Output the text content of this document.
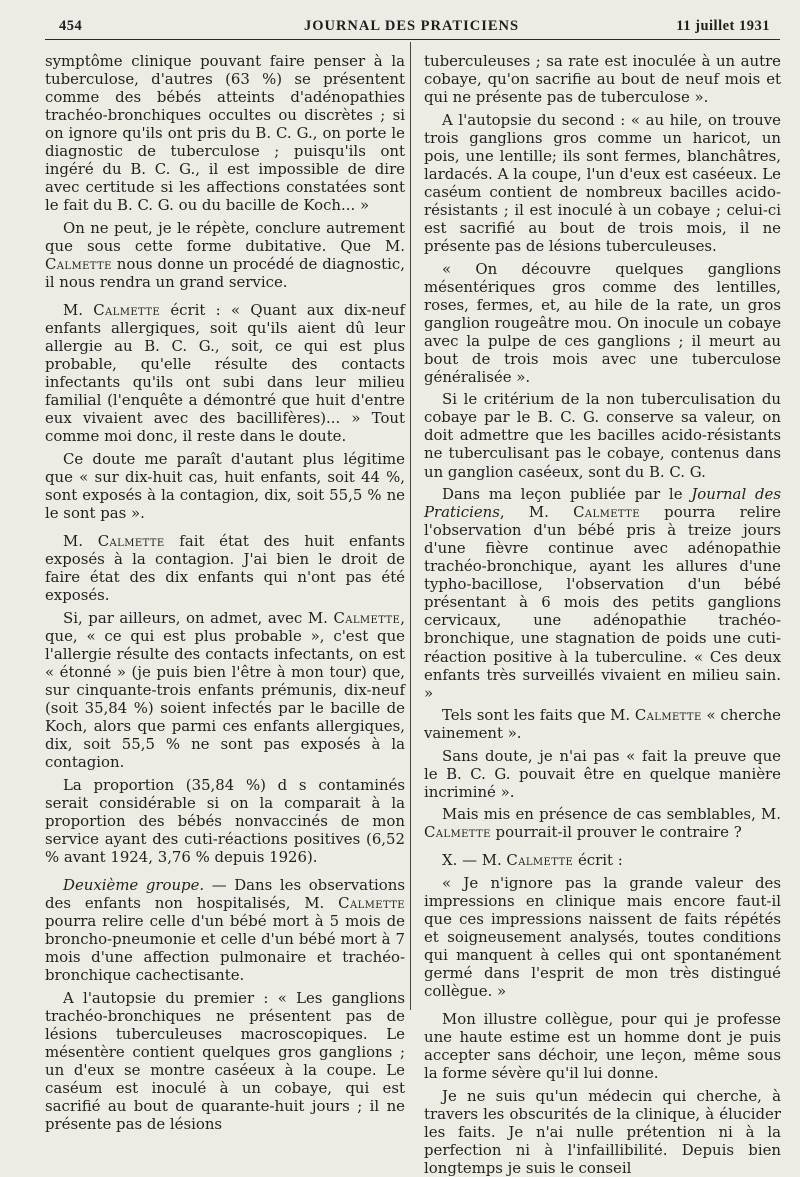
454	JOURNAL DES PRATICIENS	11 juillet 1931

symptôme clinique pouvant faire penser à la tuberculose, d'autres (63 %) se présentent comme des bébés atteints d'adénopathies trachéo-bronchiques occultes ou discrètes ; si on ignore qu'ils ont pris du B. C. G., on porte le diagnostic de tuberculose ; puisqu'ils ont ingéré du B. C. G., il est impossible de dire avec certitude si les affections constatées sont le fait du B. C. G. ou du bacille de Koch... »

On ne peut, je le répète, conclure autrement que sous cette forme dubitative. Que M. Calmette nous donne un procédé de diagnostic, il nous rendra un grand service.

M. Calmette écrit : « Quant aux dix-neuf enfants allergiques, soit qu'ils aient dû leur allergie au B. C. G., soit, ce qui est plus probable, qu'elle résulte des contacts infectants qu'ils ont subi dans leur milieu familial (l'enquête a démontré que huit d'entre eux vivaient avec des bacillifères)... » Tout comme moi donc, il reste dans le doute.

Ce doute me paraît d'autant plus légitime que « sur dix-huit cas, huit enfants, soit 44 %, sont exposés à la contagion, dix, soit 55,5 % ne le sont pas ».

M. Calmette fait état des huit enfants exposés à la contagion. J'ai bien le droit de faire état des dix enfants qui n'ont pas été exposés.

Si, par ailleurs, on admet, avec M. Calmette, que, « ce qui est plus probable », c'est que l'allergie résulte des contacts infectants, on est « étonné » (je puis bien l'être à mon tour) que, sur cinquante-trois enfants prémunis, dix-neuf (soit 35,84 %) soient infectés par le bacille de Koch, alors que parmi ces enfants allergiques, dix, soit 55,5 % ne sont pas exposés à la contagion.

La proportion (35,84 %) d s contaminés serait considérable si on la comparait à la proportion des bébés nonvaccinés de mon service ayant des cuti-réactions positives (6,52 % avant 1924, 3,76 % depuis 1926).

Deuxième groupe. — Dans les observations des enfants non hospitalisés, M. Calmette pourra relire celle d'un bébé mort à 5 mois de broncho-pneumonie et celle d'un bébé mort à 7 mois d'une affection pulmonaire et trachéo-bronchique cachectisante.

A l'autopsie du premier : « Les ganglions trachéo-bronchiques ne présentent pas de lésions tuberculeuses macroscopiques. Le mésentère contient quelques gros ganglions ; un d'eux se montre caséeux à la coupe. Le caséum est inoculé à un cobaye, qui est sacrifié au bout de quarante-huit jours ; il ne présente pas de lésions

tuberculeuses ; sa rate est inoculée à un autre cobaye, qu'on sacrifie au bout de neuf mois et qui ne présente pas de tuberculose ».

A l'autopsie du second : « au hile, on trouve trois ganglions gros comme un haricot, un pois, une lentille; ils sont fermes, blanchâtres, lardacés. A la coupe, l'un d'eux est caséeux. Le caséum contient de nombreux bacilles acido-résistants ; il est inoculé à un cobaye ; celui-ci est sacrifié au bout de trois mois, il ne présente pas de lésions tuberculeuses.

« On découvre quelques ganglions mésentériques gros comme des lentilles, roses, fermes, et, au hile de la rate, un gros ganglion rougeâtre mou. On inocule un cobaye avec la pulpe de ces ganglions ; il meurt au bout de trois mois avec une tuberculose généralisée ».

Si le critérium de la non tuberculisation du cobaye par le B. C. G. conserve sa valeur, on doit admettre que les bacilles acido-résistants ne tuberculisant pas le cobaye, contenus dans un ganglion caséeux, sont du B. C. G.

Dans ma leçon publiée par le Journal des Praticiens, M. Calmette pourra relire l'observation d'un bébé pris à treize jours d'une fièvre continue avec adénopathie trachéo-bronchique, ayant les allures d'une typho-bacillose, l'observation d'un bébé présentant à 6 mois des petits ganglions cervicaux, une adénopathie trachéo-bronchique, une stagnation de poids une cuti-réaction positive à la tuberculine. « Ces deux enfants très surveillés vivaient en milieu sain. »

Tels sont les faits que M. Calmette « cherche vainement ».

Sans doute, je n'ai pas « fait la preuve que le B. C. G. pouvait être en quelque manière incriminé ».

Mais mis en présence de cas semblables, M. Calmette pourrait-il prouver le contraire ?

X. — M. Calmette écrit :

« Je n'ignore pas la grande valeur des impressions en clinique mais encore faut-il que ces impressions naissent de faits répétés et soigneusement analysés, toutes conditions qui manquent à celles qui ont spontanément germé dans l'esprit de mon très distingué collègue. »

Mon illustre collègue, pour qui je professe une haute estime est un homme dont je puis accepter sans déchoir, une leçon, même sous la forme sévère qu'il lui donne.

Je ne suis qu'un médecin qui cherche, à travers les obscurités de la clinique, à élucider les faits. Je n'ai nulle prétention ni à la perfection ni à l'infaillibilité. Depuis bien longtemps je suis le conseil
